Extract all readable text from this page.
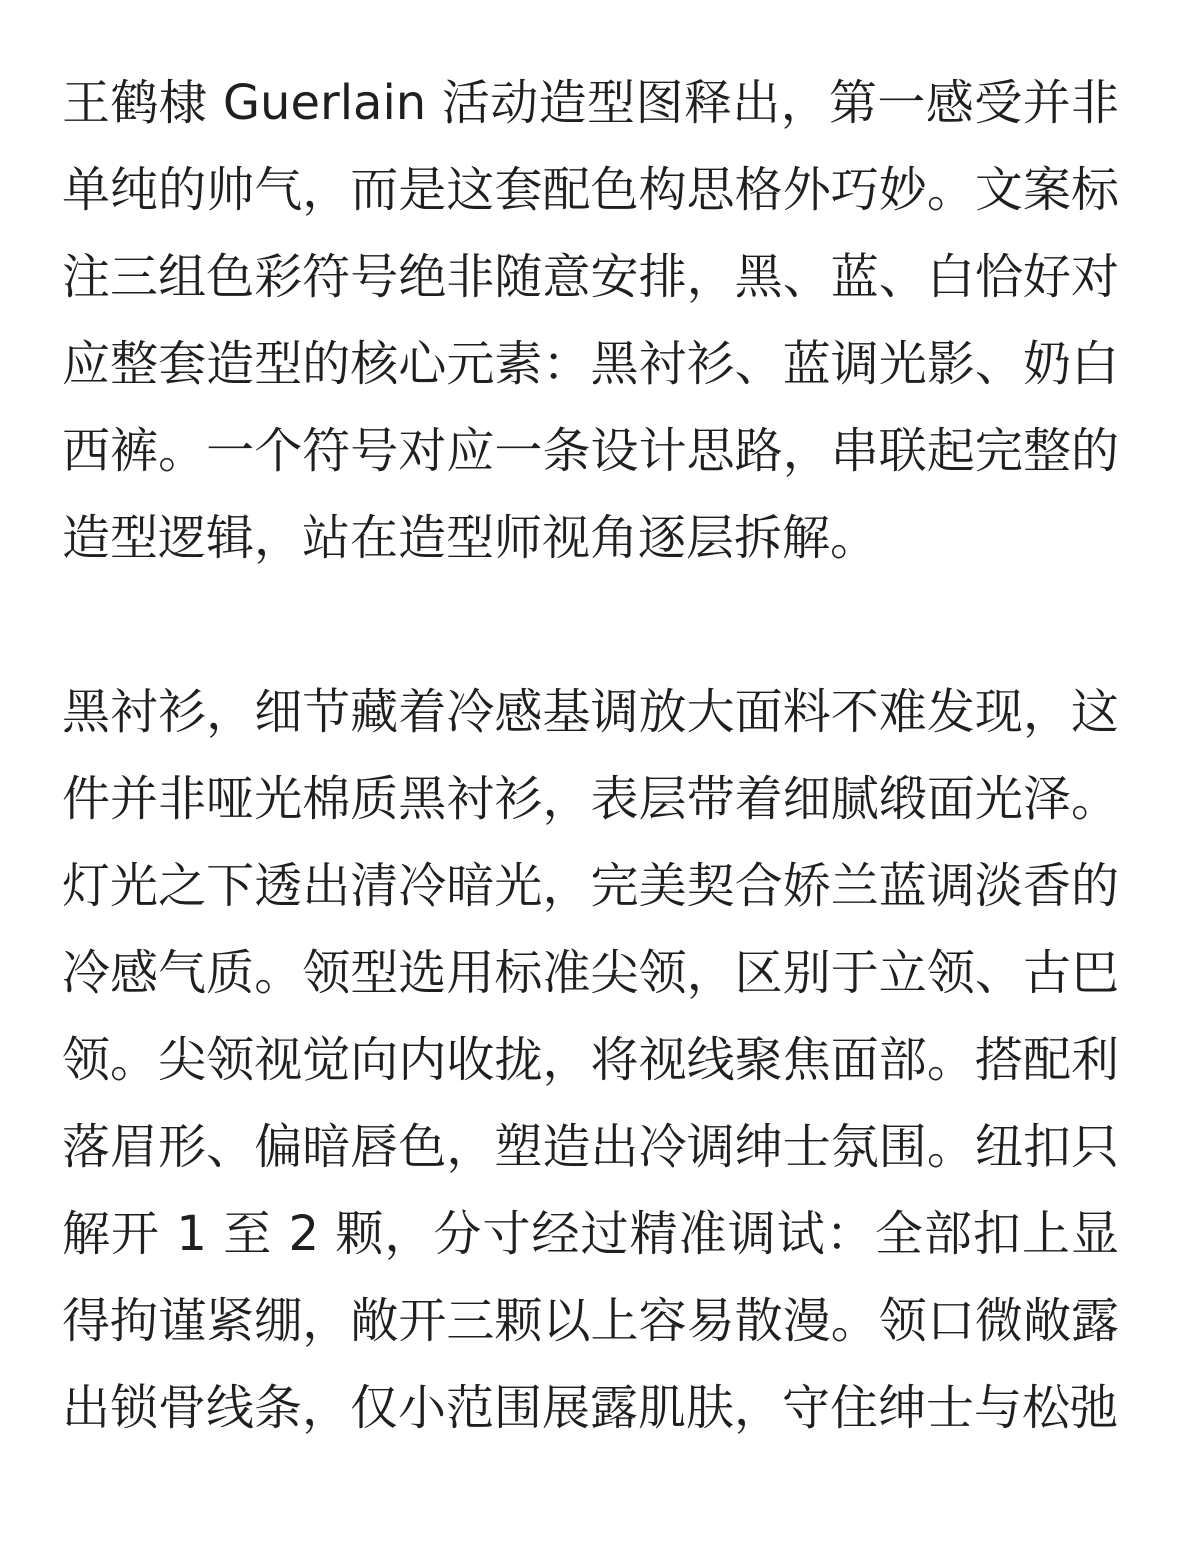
王鹤棣 Guerlain 活动造型图释出，第一感受并非单纯的帅气，而是这套配色构思格外巧妙。文案标注三组色彩符号绝非随意安排，黑、蓝、白恰好对应整套造型的核心元素：黑衬衫、蓝调光影、奶白西裤。一个符号对应一条设计思路，串联起完整的造型逻辑，站在造型师视角逐层拆解。

黑衬衫，细节藏着冷感基调放大面料不难发现，这件并非哑光棉质黑衬衫，表层带着细腻缎面光泽。灯光之下透出清冷暗光，完美契合娇兰蓝调淡香的冷感气质。领型选用标准尖领，区别于立领、古巴领。尖领视觉向内收拢，将视线聚焦面部。搭配利落眉形、偏暗唇色，塑造出冷调绅士氛围。纽扣只解开 1 至 2 颗，分寸经过精准调试：全部扣上显得拘谨紧绷，敞开三颗以上容易散漫。领口微敞露出锁骨线条，仅小范围展露肌肤，守住绅士与松弛
